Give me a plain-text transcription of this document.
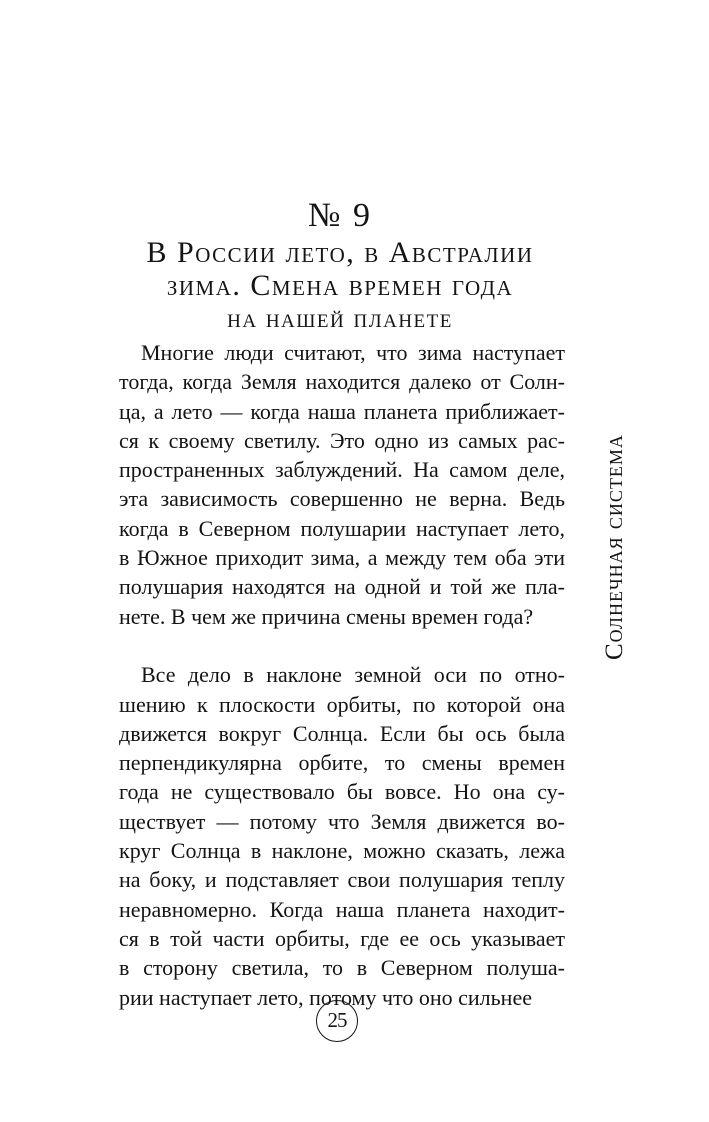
№ 9
В России лето, в Австралии
зима. Смена времен года
на нашей планете
Многие люди считают, что зима наступает
тогда, когда Земля находится далеко от Солн-
ца, а лето — когда наша планета приближает-
ся к своему светилу. Это одно из самых рас-
пространенных заблуждений. На самом деле,
эта зависимость совершенно не верна. Ведь
когда в Северном полушарии наступает лето,
в Южное приходит зима, а между тем оба эти
полушария находятся на одной и той же пла-
нете. В чем же причина смены времен года?
Все дело в наклоне земной оси по отно-
шению к плоскости орбиты, по которой она
движется вокруг Солнца. Если бы ось была
перпендикулярна орбите, то смены времен
года не существовало бы вовсе. Но она су-
ществует — потому что Земля движется во-
круг Солнца в наклоне, можно сказать, лежа
на боку, и подставляет свои полушария теплу
неравномерно. Когда наша планета находит-
ся в той части орбиты, где ее ось указывает
в сторону светила, то в Северном полуша-
рии наступает лето, потому что оно сильнее
Солнечная система
25
